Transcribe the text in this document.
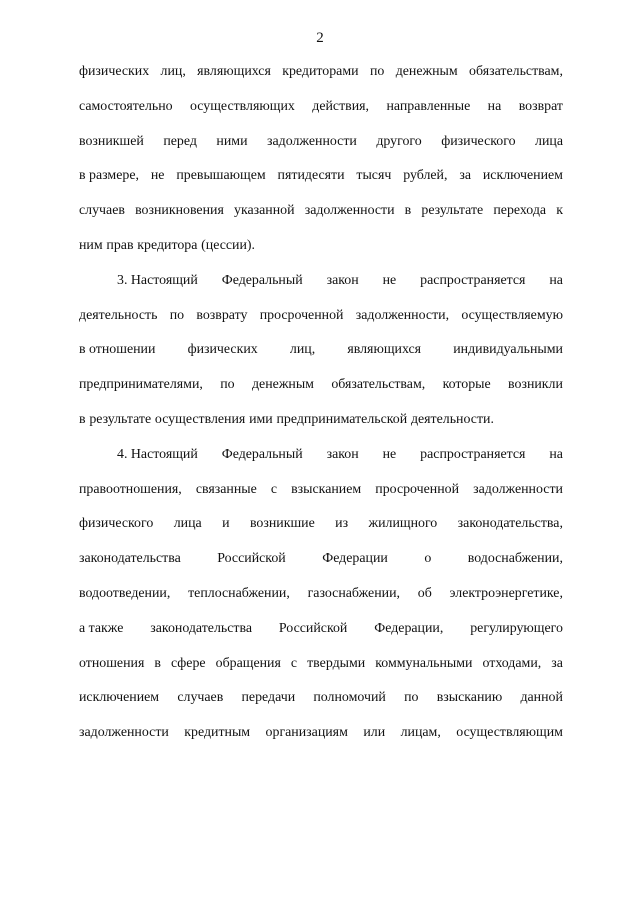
2
физических лиц, являющихся кредиторами по денежным обязательствам,
самостоятельно осуществляющих действия, направленные на возврат
возникшей перед ними задолженности другого физического лица
в размере, не превышающем пятидесяти тысяч рублей, за исключением
случаев возникновения указанной задолженности в результате перехода к
ним прав кредитора (цессии).
3. Настоящий Федеральный закон не распространяется на
деятельность по возврату просроченной задолженности, осуществляемую
в отношении физических лиц, являющихся индивидуальными
предпринимателями, по денежным обязательствам, которые возникли
в результате осуществления ими предпринимательской деятельности.
4. Настоящий Федеральный закон не распространяется на
правоотношения, связанные с взысканием просроченной задолженности
физического лица и возникшие из жилищного законодательства,
законодательства	Российской	Федерации	о	водоснабжении,
водоотведении, теплоснабжении, газоснабжении, об электроэнергетике,
а также законодательства Российской Федерации, регулирующего
отношения в сфере обращения с твердыми коммунальными отходами, за
исключением случаев передачи полномочий по взысканию данной
задолженности кредитным организациям или лицам, осуществляющим
